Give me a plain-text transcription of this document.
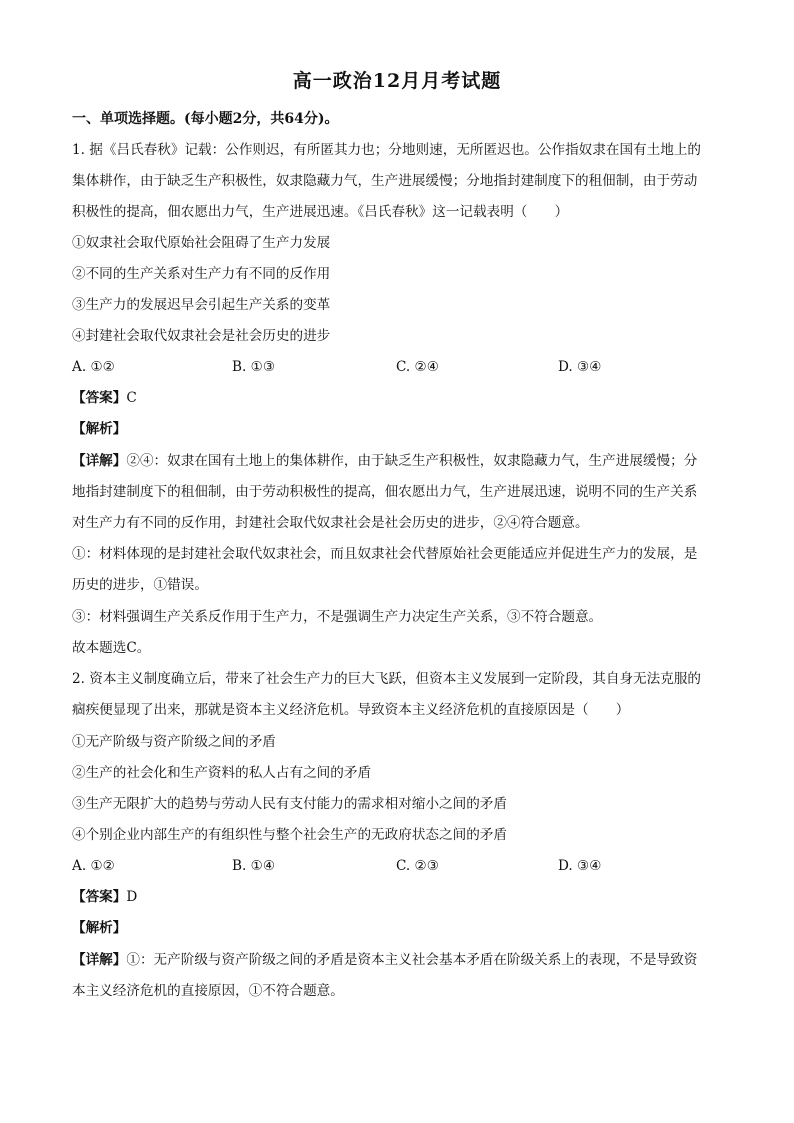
高一政治12月月考试题
一、单项选择题。(每小题2分，共64分)。
1. 据《吕氏春秋》记载：公作则迟，有所匿其力也；分地则速，无所匿迟也。公作指奴隶在国有土地上的
集体耕作，由于缺乏生产积极性，奴隶隐藏力气，生产进展缓慢；分地指封建制度下的租佃制，由于劳动
积极性的提高，佃农愿出力气，生产进展迅速。《吕氏春秋》这一记载表明（　　）
①奴隶社会取代原始社会阻碍了生产力发展
②不同的生产关系对生产力有不同的反作用
③生产力的发展迟早会引起生产关系的变革
④封建社会取代奴隶社会是社会历史的进步
A. ①②	B. ①③	C. ②④	D. ③④
【答案】C
【解析】
【详解】②④：奴隶在国有土地上的集体耕作，由于缺乏生产积极性，奴隶隐藏力气，生产进展缓慢；分
地指封建制度下的租佃制，由于劳动积极性的提高，佃农愿出力气，生产进展迅速，说明不同的生产关系
对生产力有不同的反作用，封建社会取代奴隶社会是社会历史的进步，②④符合题意。
①：材料体现的是封建社会取代奴隶社会，而且奴隶社会代替原始社会更能适应并促进生产力的发展，是
历史的进步，①错误。
③：材料强调生产关系反作用于生产力，不是强调生产力决定生产关系，③不符合题意。
故本题选C。
2. 资本主义制度确立后，带来了社会生产力的巨大飞跃，但资本主义发展到一定阶段，其自身无法克服的
痼疾便显现了出来，那就是资本主义经济危机。导致资本主义经济危机的直接原因是（　　）
①无产阶级与资产阶级之间的矛盾
②生产的社会化和生产资料的私人占有之间的矛盾
③生产无限扩大的趋势与劳动人民有支付能力的需求相对缩小之间的矛盾
④个别企业内部生产的有组织性与整个社会生产的无政府状态之间的矛盾
A. ①②	B. ①④	C. ②③	D. ③④
【答案】D
【解析】
【详解】①：无产阶级与资产阶级之间的矛盾是资本主义社会基本矛盾在阶级关系上的表现，不是导致资
本主义经济危机的直接原因，①不符合题意。
